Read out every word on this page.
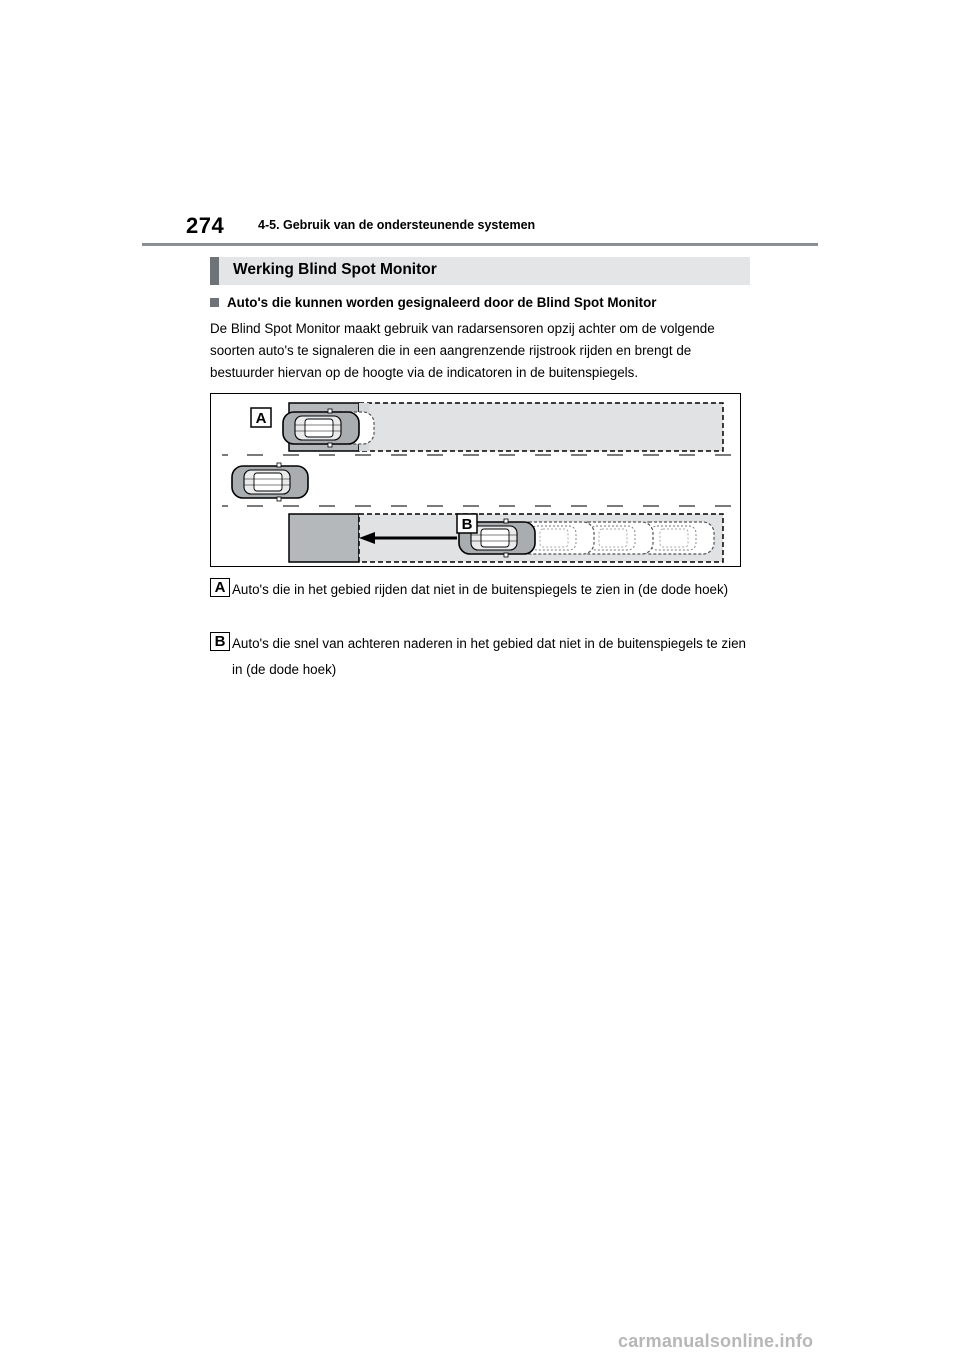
274	4-5. Gebruik van de ondersteunende systemen
Werking Blind Spot Monitor
Auto's die kunnen worden gesignaleerd door de Blind Spot Monitor

De Blind Spot Monitor maakt gebruik van radarsensoren opzij achter om de volgende soorten auto's te signaleren die in een aangrenzende rijstrook rijden en brengt de bestuurder hiervan op de hoogte via de indicatoren in de buitenspiegels.

A
B
A Auto's die in het gebied rijden dat niet in de buitenspiegels te zien in (de dode hoek)

B Auto's die snel van achteren naderen in het gebied dat niet in de buitenspiegels te zien in (de dode hoek)

carmanualsonline.info
